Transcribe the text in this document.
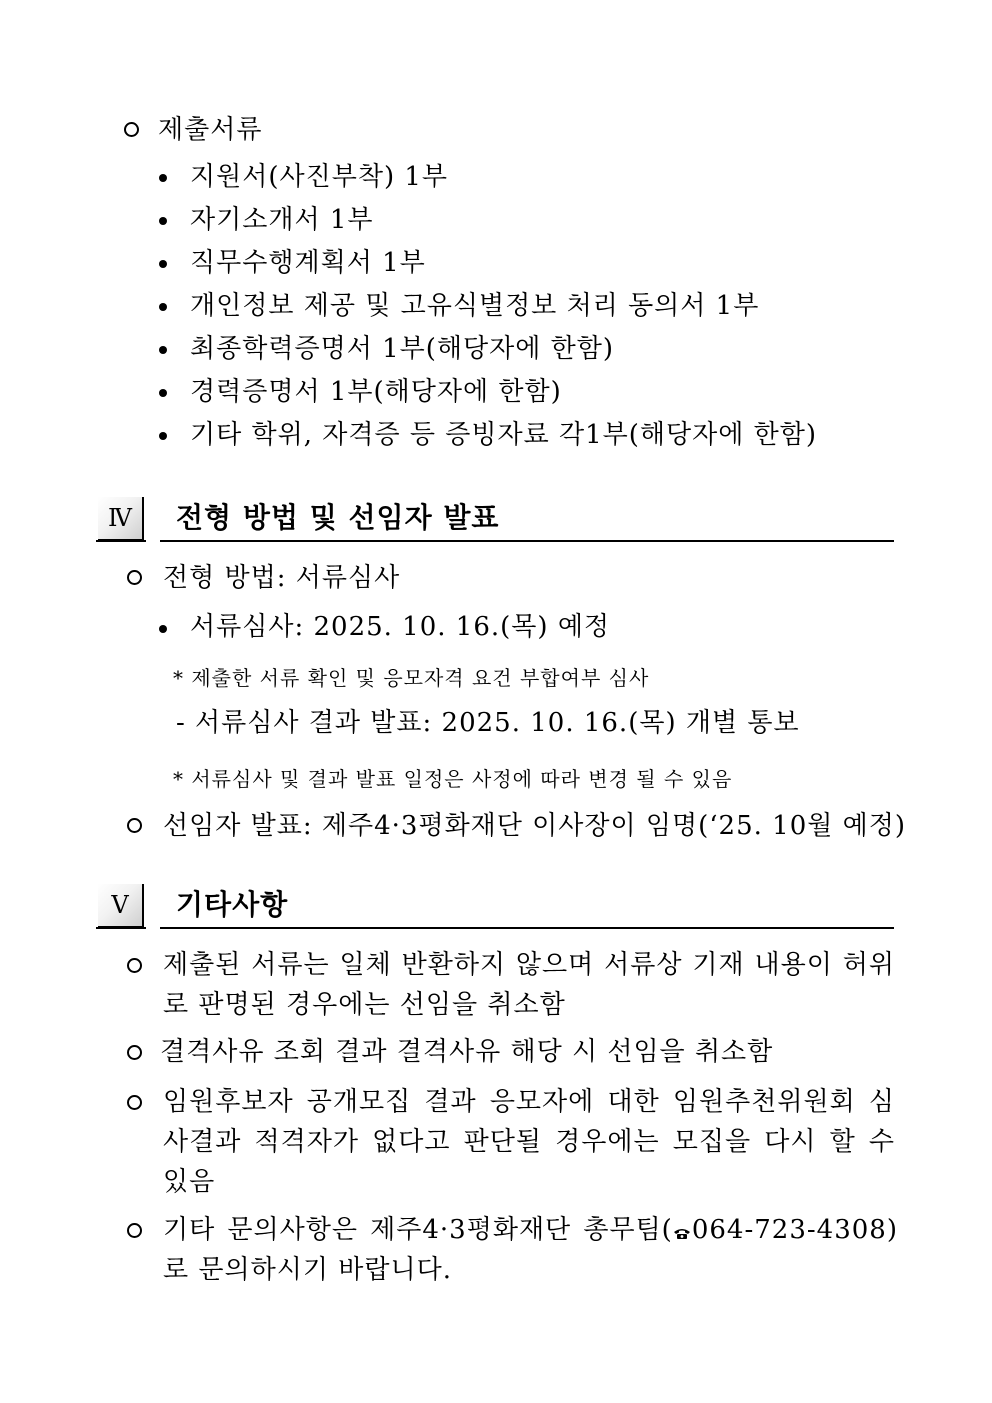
제출서류
지원서(사진부착) 1부
자기소개서 1부
직무수행계획서 1부
개인정보 제공 및 고유식별정보 처리 동의서 1부
최종학력증명서 1부(해당자에 한함)
경력증명서 1부(해당자에 한함)
기타 학위, 자격증 등 증빙자료 각1부(해당자에 한함)
Ⅳ	전형 방법 및 선임자 발표
전형 방법: 서류심사
서류심사: 2025. 10. 16.(목) 예정
* 제출한 서류 확인 및 응모자격 요건 부합여부 심사
- 서류심사 결과 발표: 2025. 10. 16.(목) 개별 통보
* 서류심사 및 결과 발표 일정은 사정에 따라 변경 될 수 있음
선임자 발표: 제주4·3평화재단 이사장이 임명(‘25. 10월 예정)
Ⅴ	기타사항
제출된 서류는 일체 반환하지 않으며 서류상 기재 내용이 허위로 판명된 경우에는 선임을 취소함
결격사유 조회 결과 결격사유 해당 시 선임을 취소함
임원후보자 공개모집 결과 응모자에 대한 임원추천위원회 심사결과 적격자가 없다고 판단될 경우에는 모집을 다시 할 수 있음
기타 문의사항은 제주4·3평화재단 총무팀( 064-723-4308)로 문의하시기 바랍니다.
